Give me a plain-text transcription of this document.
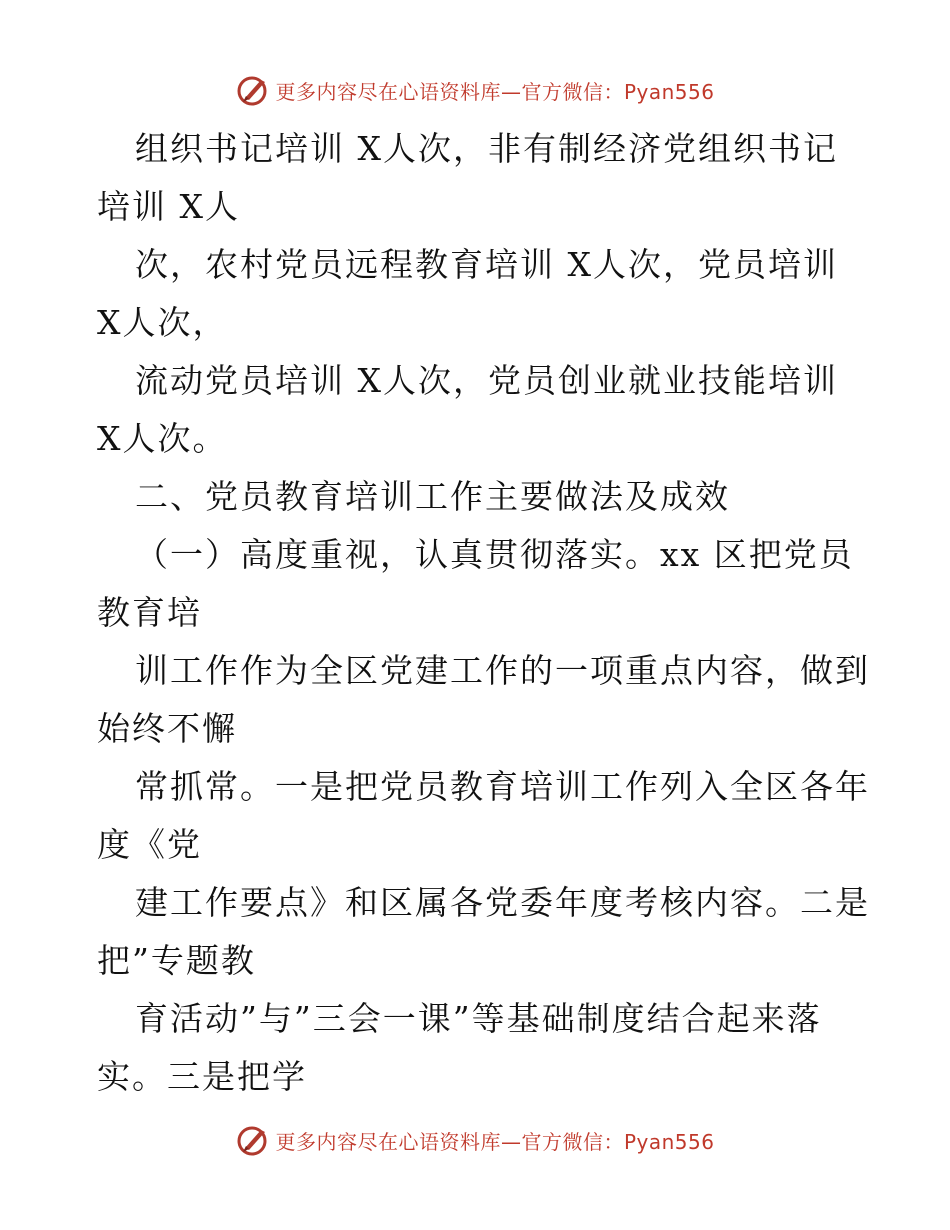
更多内容尽在心语资料库—官方微信：Pyan556
组织书记培训 X人次，非有制经济党组织书记
培训 X人
次，农村党员远程教育培训 X人次，党员培训
X人次，
流动党员培训 X人次，党员创业就业技能培训
X人次。
二、党员教育培训工作主要做法及成效
（一）高度重视，认真贯彻落实。xx 区把党员
教育培
训工作作为全区党建工作的一项重点内容，做到
始终不懈
常抓常。一是把党员教育培训工作列入全区各年
度《党
建工作要点》和区属各党委年度考核内容。二是
把”专题教
育活动”与”三会一课”等基础制度结合起来落
实。三是把学
更多内容尽在心语资料库—官方微信：Pyan556
